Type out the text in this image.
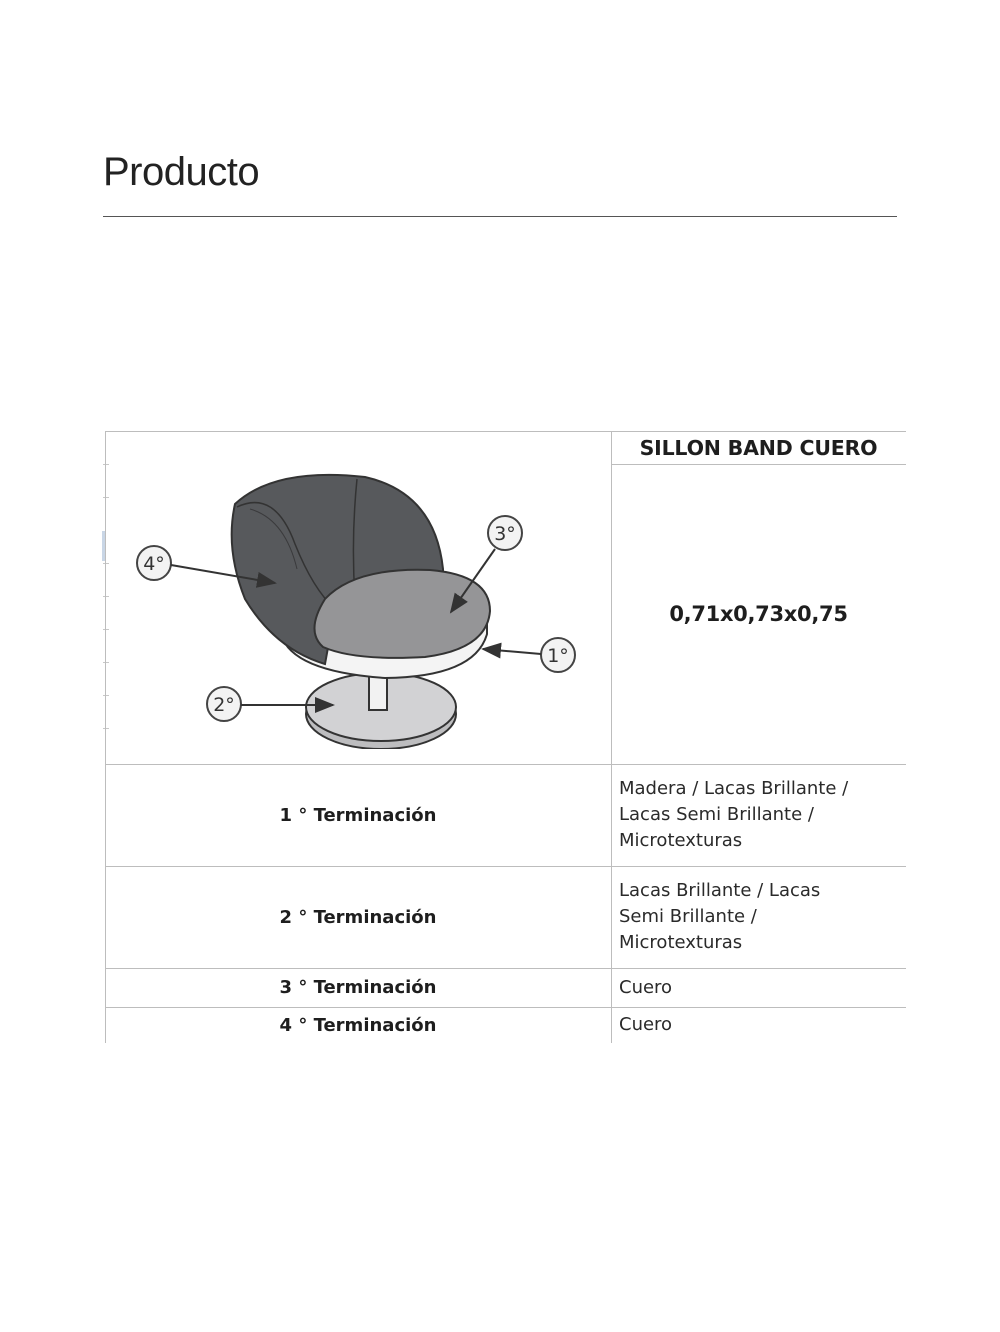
Producto
SILLON BAND CUERO
0,71x0,73x0,75
3°
4°
1°
2°
1 ° Terminación
Madera / Lacas Brillante /
Lacas Semi Brillante /
Microtexturas
2 ° Terminación
Lacas Brillante / Lacas
Semi Brillante /
Microtexturas
3 ° Terminación	Cuero
4 ° Terminación	Cuero
